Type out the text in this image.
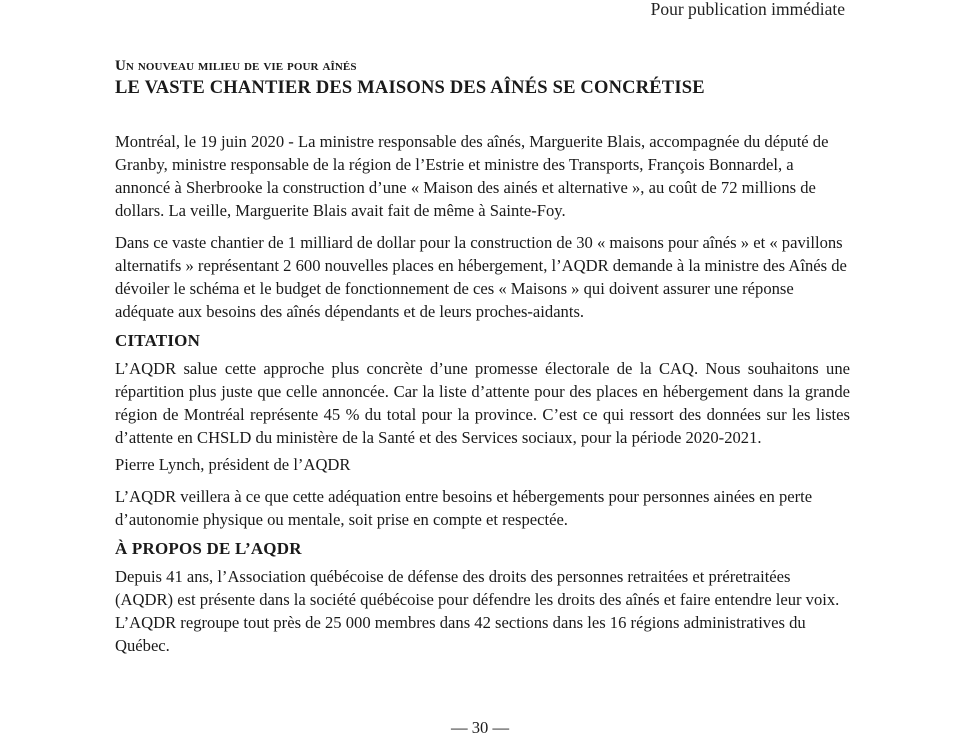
Pour publication immédiate
Un nouveau milieu de vie pour aînés
LE VASTE CHANTIER DES MAISONS DES AÎNÉS SE CONCRÉTISE

Montréal, le 19 juin 2020 - La ministre responsable des aînés, Marguerite Blais, accompagnée du député de Granby, ministre responsable de la région de l’Estrie et ministre des Transports, François Bonnardel, a annoncé à Sherbrooke la construction d’une « Maison des ainés et alternative », au coût de 72 millions de dollars. La veille, Marguerite Blais avait fait de même à Sainte-Foy.

Dans ce vaste chantier de 1 milliard de dollar pour la construction de 30 « maisons pour aînés » et « pavillons alternatifs » représentant 2 600 nouvelles places en hébergement, l’AQDR demande à la ministre des Aînés de dévoiler le schéma et le budget de fonctionnement de ces « Maisons » qui doivent assurer une réponse adéquate aux besoins des aînés dépendants et de leurs proches-aidants.

CITATION

L’AQDR salue cette approche plus concrète d’une promesse électorale de la CAQ. Nous souhaitons une répartition plus juste que celle annoncée. Car la liste d’attente pour des places en hébergement dans la grande région de Montréal représente 45 % du total pour la province. C’est ce qui ressort des données sur les listes d’attente en CHSLD du ministère de la Santé et des Services sociaux, pour la période 2020-2021.

Pierre Lynch, président de l’AQDR

L’AQDR veillera à ce que cette adéquation entre besoins et hébergements pour personnes ainées en perte d’autonomie physique ou mentale, soit prise en compte et respectée.

À PROPOS DE L’AQDR

Depuis 41 ans, l’Association québécoise de défense des droits des personnes retraitées et préretraitées (AQDR) est présente dans la société québécoise pour défendre les droits des aînés et faire entendre leur voix. L’AQDR regroupe tout près de 25 000 membres dans 42 sections dans les 16 régions administratives du Québec.

— 30 —
